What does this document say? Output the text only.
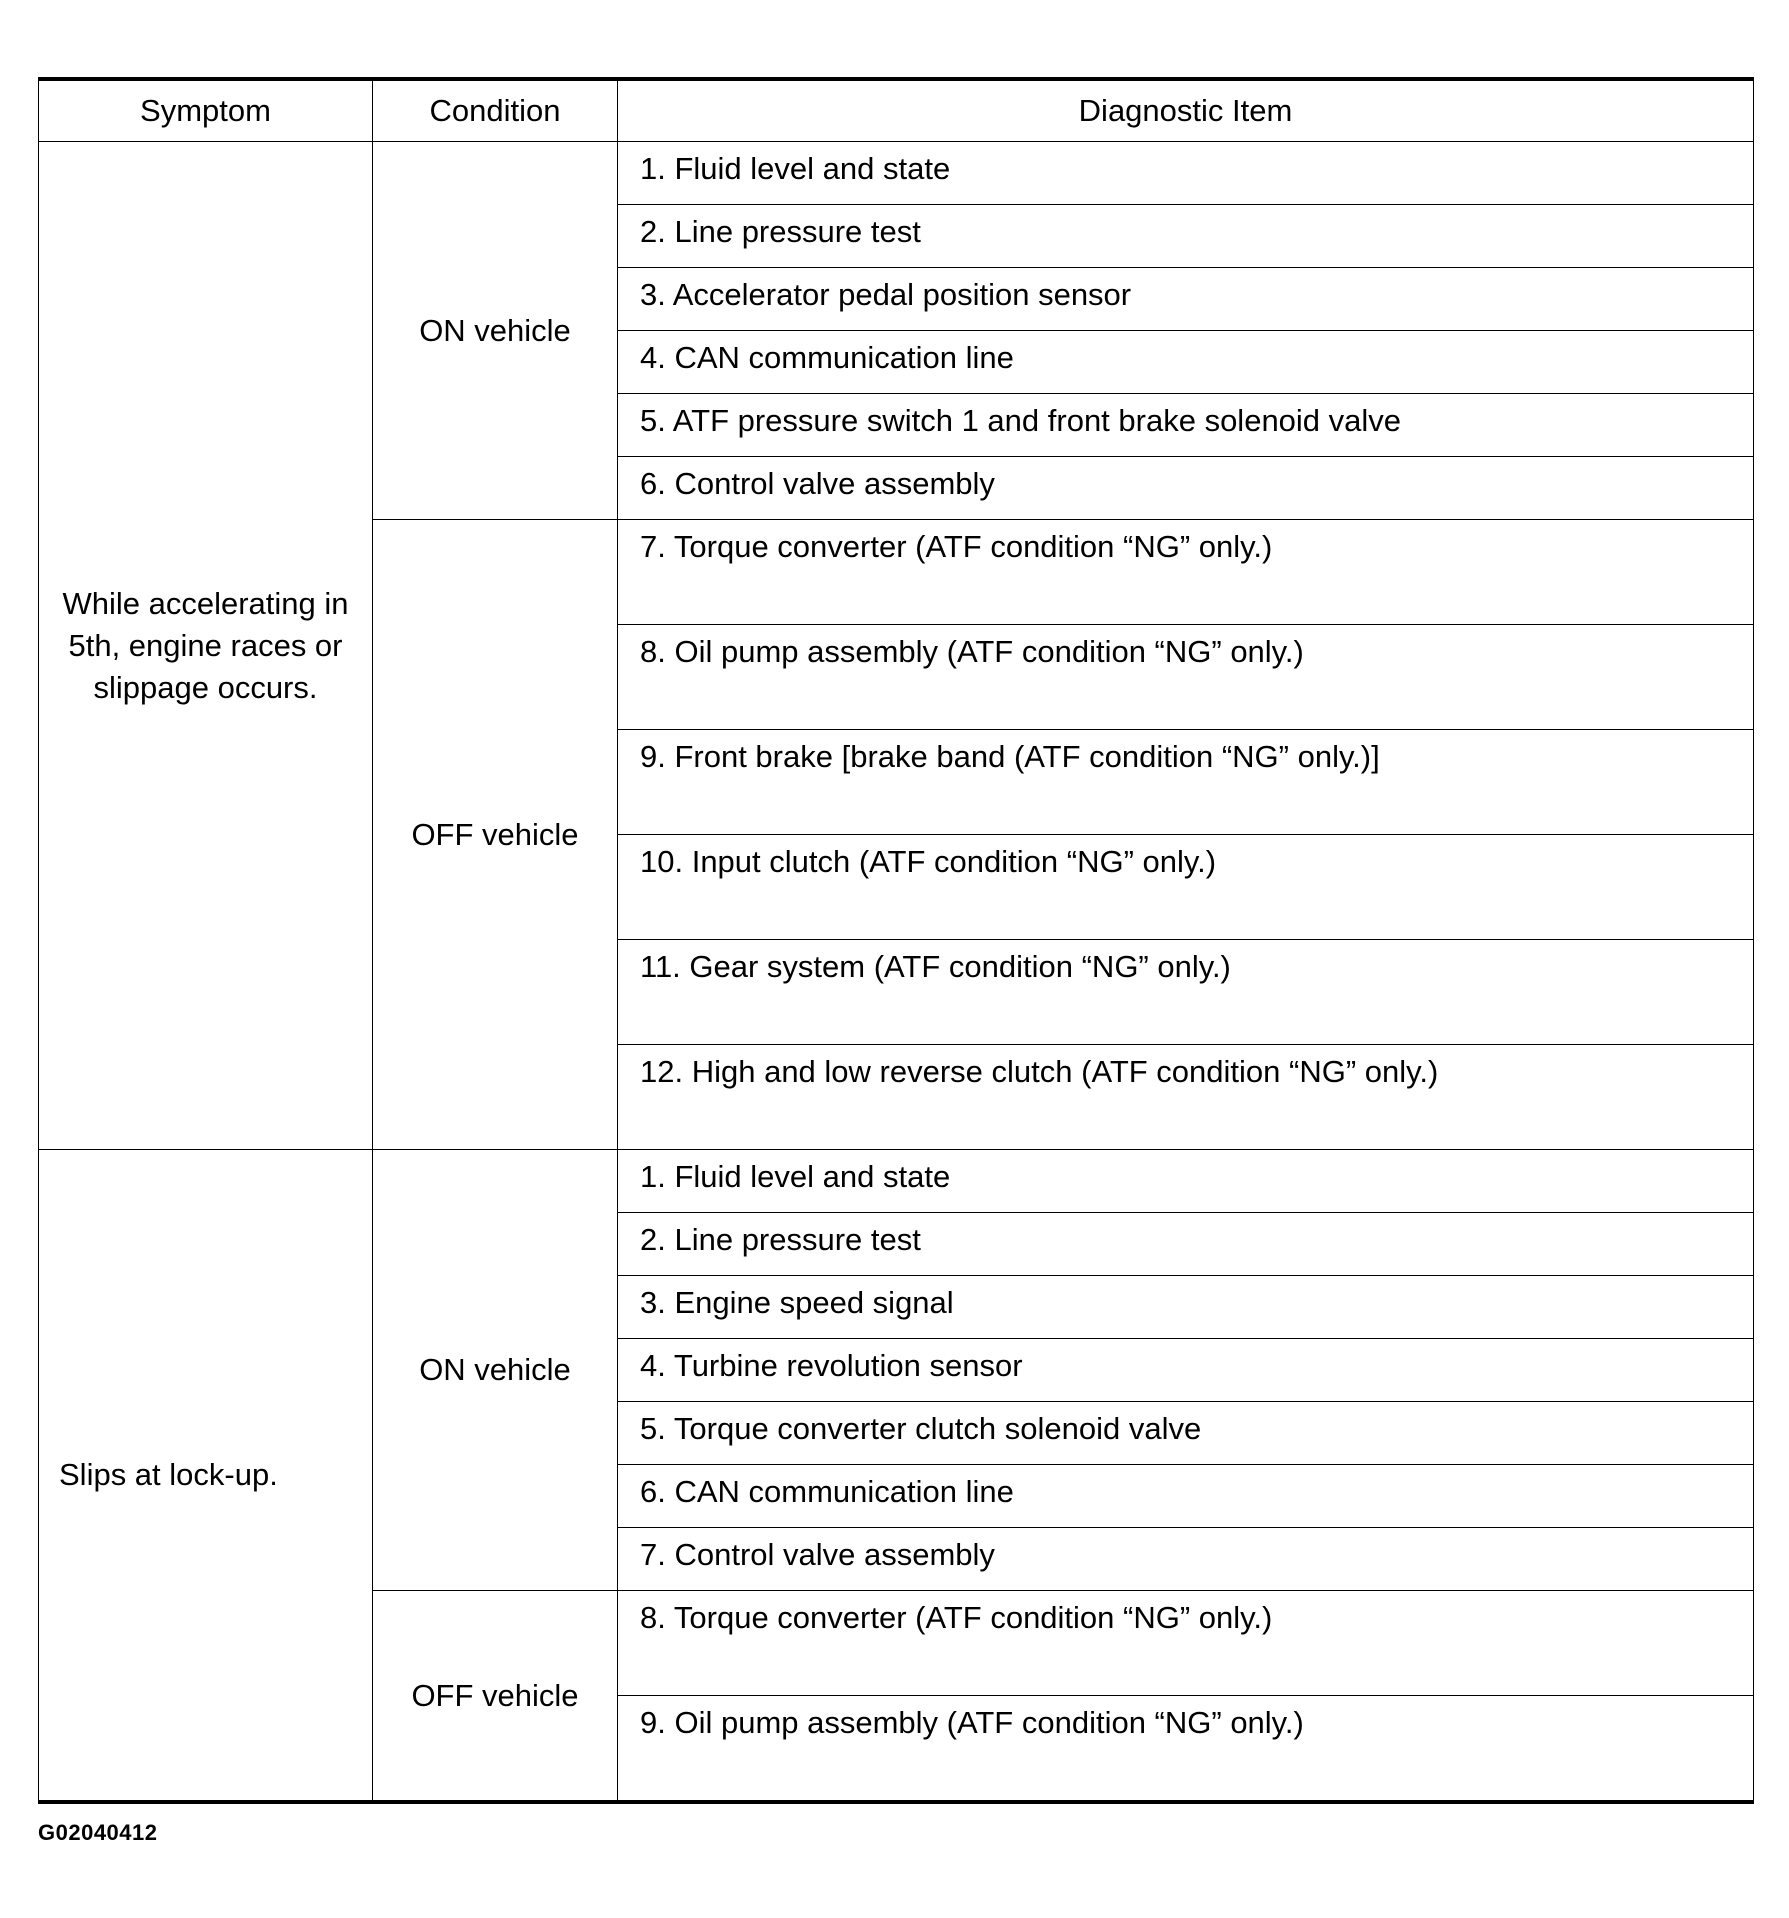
Symptom	Condition	Diagnostic Item
While accelerating in 5th, engine races or slippage occurs.	ON vehicle	1. Fluid level and state
		2. Line pressure test
		3. Accelerator pedal position sensor
		4. CAN communication line
		5. ATF pressure switch 1 and front brake solenoid valve
		6. Control valve assembly
	OFF vehicle	7. Torque converter (ATF condition “NG” only.)
		8. Oil pump assembly (ATF condition “NG” only.)
		9. Front brake [brake band (ATF condition “NG” only.)]
		10. Input clutch (ATF condition “NG” only.)
		11. Gear system (ATF condition “NG” only.)
		12. High and low reverse clutch (ATF condition “NG” only.)
Slips at lock-up.	ON vehicle	1. Fluid level and state
		2. Line pressure test
		3. Engine speed signal
		4. Turbine revolution sensor
		5. Torque converter clutch solenoid valve
		6. CAN communication line
		7. Control valve assembly
	OFF vehicle	8. Torque converter (ATF condition “NG” only.)
		9. Oil pump assembly (ATF condition “NG” only.)
G02040412
